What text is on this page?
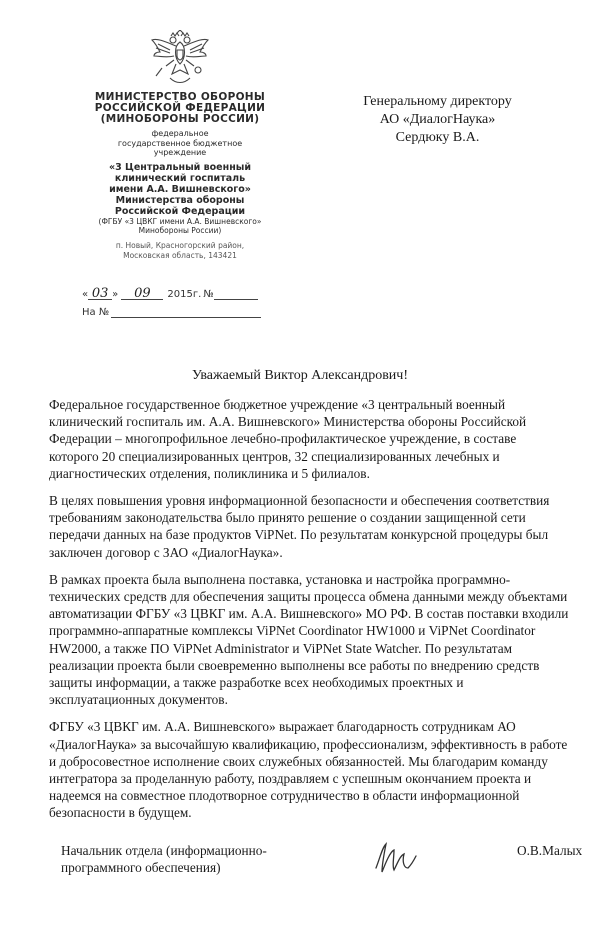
МИНИСТЕРСТВО ОБОРОНЫ
РОССИЙСКОЙ ФЕДЕРАЦИИ
(МИНОБОРОНЫ РОССИИ)
федеральное
государственное бюджетное
учреждение
«3 Центральный военный
клинический госпиталь
имени А.А. Вишневского»
Министерства обороны
Российской Федерации
(ФГБУ «3 ЦВКГ имени А.А. Вишневского»
Минобороны России)
п. Новый, Красногорский район,
Московская область, 143421
« 03 » 09	2015г. №
На №
Генеральному директору
АО «ДиалогНаука»
Сердюку В.А.
Уважаемый Виктор Александрович!

Федеральное государственное бюджетное учреждение «3 центральный военный клинический госпиталь им. А.А. Вишневского» Министерства обороны Российской Федерации – многопрофильное лечебно-профилактическое учреждение, в составе которого 20 специализированных центров, 32 специализированных лечебных и диагностических отделения, поликлиника и 5 филиалов.

В целях повышения уровня информационной безопасности и обеспечения соответствия требованиям законодательства было принято решение о создании защищенной сети передачи данных на базе продуктов ViPNet. По результатам конкурсной процедуры был заключен договор с ЗАО «ДиалогНаука».

В рамках проекта была выполнена поставка, установка и настройка программно-технических средств для обеспечения защиты процесса обмена данными между объектами автоматизации ФГБУ «3 ЦВКГ им. А.А. Вишневского» МО РФ. В состав поставки входили программно-аппаратные комплексы ViPNet Coordinator HW1000 и ViPNet Coordinator HW2000, а также ПО ViPNet Administrator и ViPNet State Watcher. По результатам реализации проекта были своевременно выполнены все работы по внедрению средств защиты информации, а также разработке всех необходимых проектных и эксплуатационных документов.

ФГБУ «3 ЦВКГ им. А.А. Вишневского» выражает благодарность сотрудникам АО «ДиалогНаука» за высочайшую квалификацию, профессионализм, эффективность в работе и добросовестное исполнение своих служебных обязанностей. Мы благодарим команду интегратора за проделанную работу, поздравляем с успешным окончанием проекта и надеемся на совместное плодотворное сотрудничество в области информационной безопасности в будущем.

Начальник отдела (информационно-
программного обеспечения)
О.В.Малых
